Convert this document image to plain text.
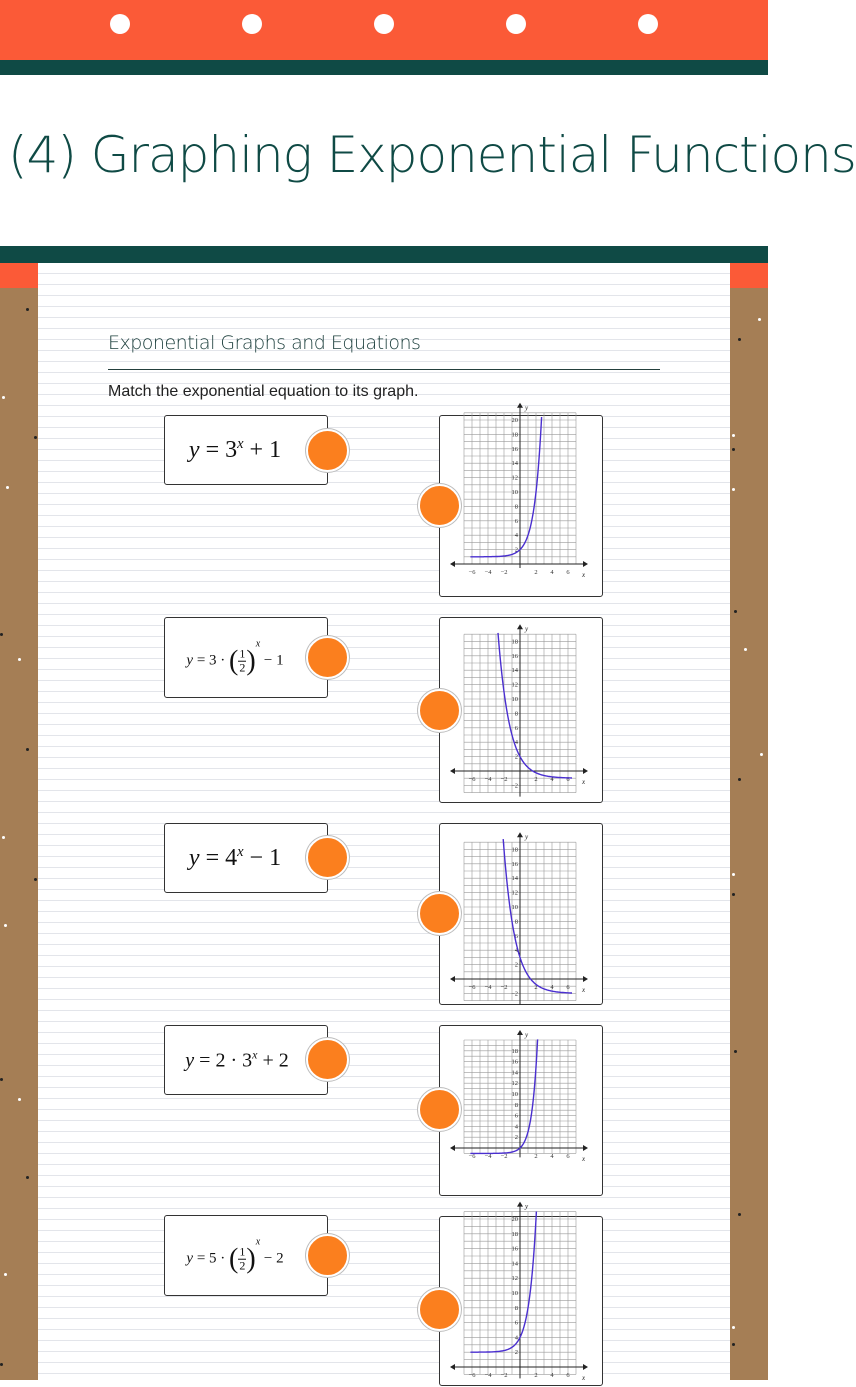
(4) Graphing Exponential Functions
Exponential Graphs and Equations
Match the exponential equation to its graph.
$y = 3^x + 1$
y = 3 · ( $\frac{1}{2} )^x - 1$
$y = 4^x - 1$
$y = 2 \cdot 3^x + 2$
y = 5 · ( $\frac{1}{2} )^x - 2$
x
y
−6 −4 −2	2 4 6
20
18
16
14
12
10
8
6
4
2
x
y
−6 −4 −2	2 4 6
18
16
14
12
10
8
6
4
2
−2
x
y
−6 −4 −2	2 4 6
18
16
14
12
10
8
6
4
2
−2
x
y
−6 −4 −2	2 4 6
18
16
14
12
10
8
6
4
2
x
y
−6 −4 −2	2 4 6
20
18
16
14
12
10
8
6
4
2
